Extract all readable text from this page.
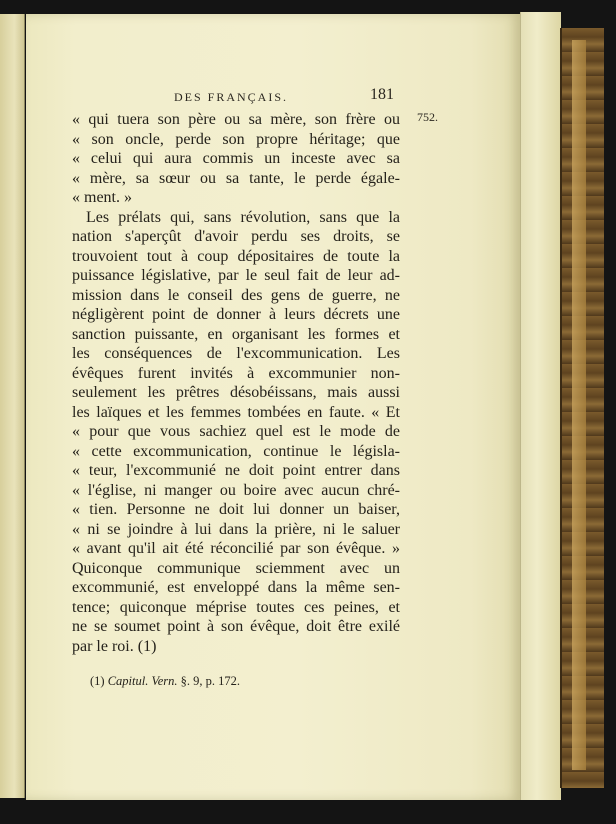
DES FRANÇAIS.	181
752.
« qui tuera son père ou sa mère, son frère ou
« son oncle, perde son propre héritage; que
« celui qui aura commis un inceste avec sa
« mère, sa sœur ou sa tante, le perde égale-
« ment. »
Les prélats qui, sans révolution, sans que la
nation s'aperçût d'avoir perdu ses droits, se
trouvoient tout à coup dépositaires de toute la
puissance législative, par le seul fait de leur ad-
mission dans le conseil des gens de guerre, ne
négligèrent point de donner à leurs décrets une
sanction puissante, en organisant les formes et
les conséquences de l'excommunication. Les
évêques furent invités à excommunier non-
seulement les prêtres désobéissans, mais aussi
les laïques et les femmes tombées en faute. « Et
« pour que vous sachiez quel est le mode de
« cette excommunication, continue le législa-
« teur, l'excommunié ne doit point entrer dans
« l'église, ni manger ou boire avec aucun chré-
« tien. Personne ne doit lui donner un baiser,
« ni se joindre à lui dans la prière, ni le saluer
« avant qu'il ait été réconcilié par son évêque. »
Quiconque communique sciemment avec un
excommunié, est enveloppé dans la même sen-
tence; quiconque méprise toutes ces peines, et
ne se soumet point à son évêque, doit être exilé
par le roi. (1)
(1) Capitul. Vern. §. 9, p. 172.
